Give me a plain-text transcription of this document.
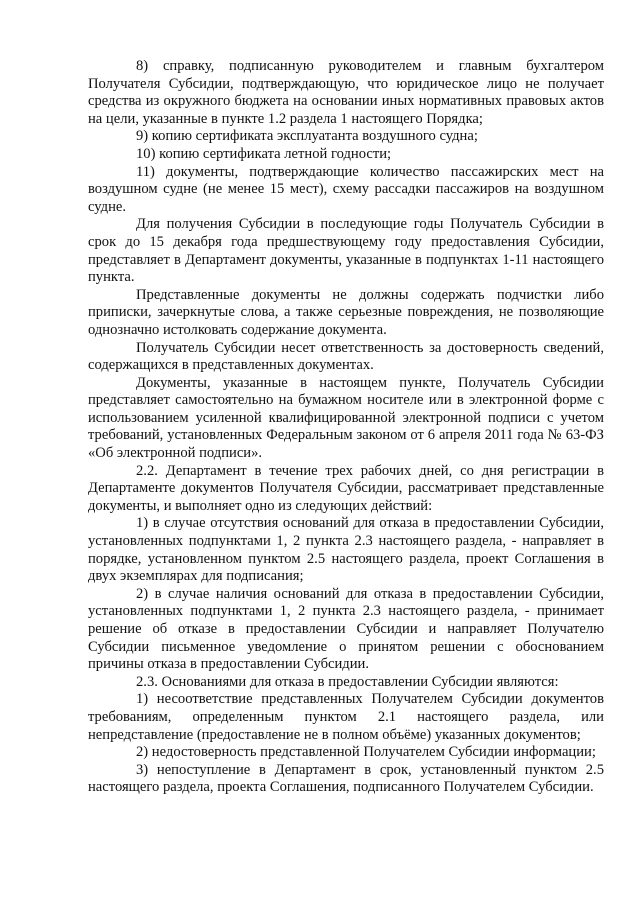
8) справку, подписанную руководителем и главным бухгалтером Получателя Субсидии, подтверждающую, что юридическое лицо не получает средства из окружного бюджета на основании иных нормативных правовых актов на цели, указанные в пункте 1.2 раздела 1 настоящего Порядка;

9) копию сертификата эксплуатанта воздушного судна;

10) копию сертификата летной годности;

11) документы, подтверждающие количество пассажирских мест на воздушном судне (не менее 15 мест), схему рассадки пассажиров на воздушном судне.

Для получения Субсидии в последующие годы Получатель Субсидии в срок до 15 декабря года предшествующему году предоставления Субсидии, представляет в Департамент документы, указанные в подпунктах 1-11 настоящего пункта.

Представленные документы не должны содержать подчистки либо приписки, зачеркнутые слова, а также серьезные повреждения, не позволяющие однозначно истолковать содержание документа.

Получатель Субсидии несет ответственность за достоверность сведений, содержащихся в представленных документах.

Документы, указанные в настоящем пункте, Получатель Субсидии представляет самостоятельно на бумажном носителе или в электронной форме с использованием усиленной квалифицированной электронной подписи с учетом требований, установленных Федеральным законом от 6 апреля 2011 года № 63-ФЗ «Об электронной подписи».

2.2. Департамент в течение трех рабочих дней, со дня регистрации в Департаменте документов Получателя Субсидии, рассматривает представленные документы, и выполняет одно из следующих действий:

1) в случае отсутствия оснований для отказа в предоставлении Субсидии, установленных подпунктами 1, 2 пункта 2.3 настоящего раздела, - направляет в порядке, установленном пунктом 2.5 настоящего раздела, проект Соглашения в двух экземплярах для подписания;

2) в случае наличия оснований для отказа в предоставлении Субсидии, установленных подпунктами 1, 2 пункта 2.3 настоящего раздела, - принимает решение об отказе в предоставлении Субсидии и направляет Получателю Субсидии письменное уведомление о принятом решении с обоснованием причины отказа в предоставлении Субсидии.

2.3. Основаниями для отказа в предоставлении Субсидии являются:

1) несоответствие представленных Получателем Субсидии документов требованиям, определенным пунктом 2.1 настоящего раздела, или непредставление (предоставление не в полном объёме) указанных документов;

2) недостоверность представленной Получателем Субсидии информации;

3) непоступление в Департамент в срок, установленный пунктом 2.5 настоящего раздела, проекта Соглашения, подписанного Получателем Субсидии.
